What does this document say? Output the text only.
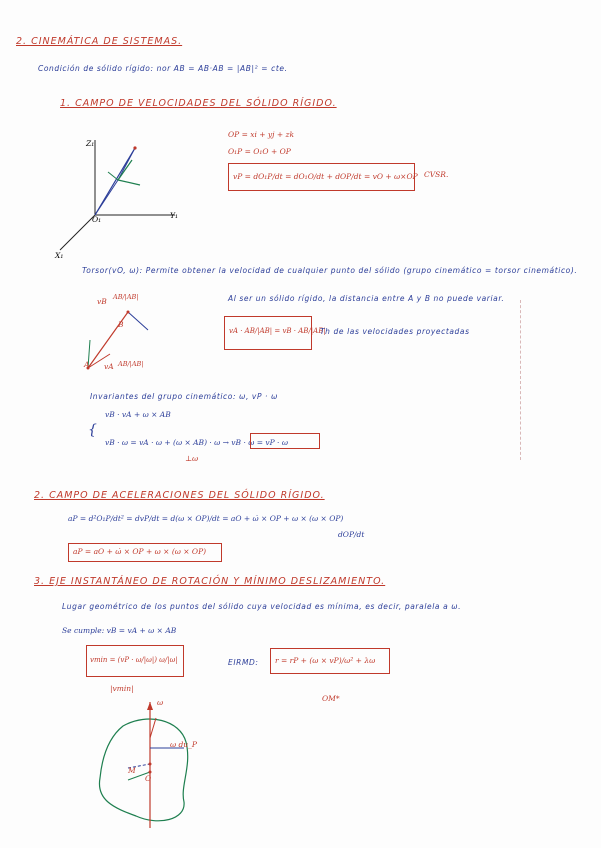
2. CINEMÁTICA DE SISTEMAS.
Condición de sólido rígido: nor AB = AB·AB = |AB|² = cte.
1. CAMPO DE VELOCIDADES DEL SÓLIDO RÍGIDO.
Z₁
Y₁
X₁
O₁
OP = xi + yj + zk
O₁P = O₁O + OP
vP = dO₁P/dt = dO₁O/dt + dOP/dt = vO + ω×OP CVSR.
Torsor(vO, ω): Permite obtener la velocidad de cualquier punto del sólido (grupo cinemático = torsor cinemático).
Al ser un sólido rígido, la distancia entre A y B no puede variar.
vB AB/|AB|
B
A vA AB/|AB|
vA · AB/|AB| = vB · AB/|AB|
Th de las velocidades proyectadas
Invariantes del grupo cinemático: ω, vP · ω
vB · vA + ω × AB
{
vB · ω = vA · ω + (ω × AB) · ω → vB · ω = vP · ω
⊥ω
2. CAMPO DE ACELERACIONES DEL SÓLIDO RÍGIDO.
aP = d²O₁P/dt² = dvP/dt = d(ω × OP)/dt = aO + ω̇ × OP + ω × (ω × OP)
dOP/dt
aP = aO + ω̇ × OP + ω × (ω × OP)
3. EJE INSTANTÁNEO DE ROTACIÓN Y MÍNIMO DESLIZAMIENTO.
Lugar geométrico de los puntos del sólido cuya velocidad es mínima, es decir, paralela a ω.
Se cumple: vB = vA + ω × AB
vmin = (vP · ω/|ω|) ω/|ω|
|vmin|
EIRMD: r = rP + (ω × vP)/ω² + λω
OM*
ω
ω du_P
M
O
